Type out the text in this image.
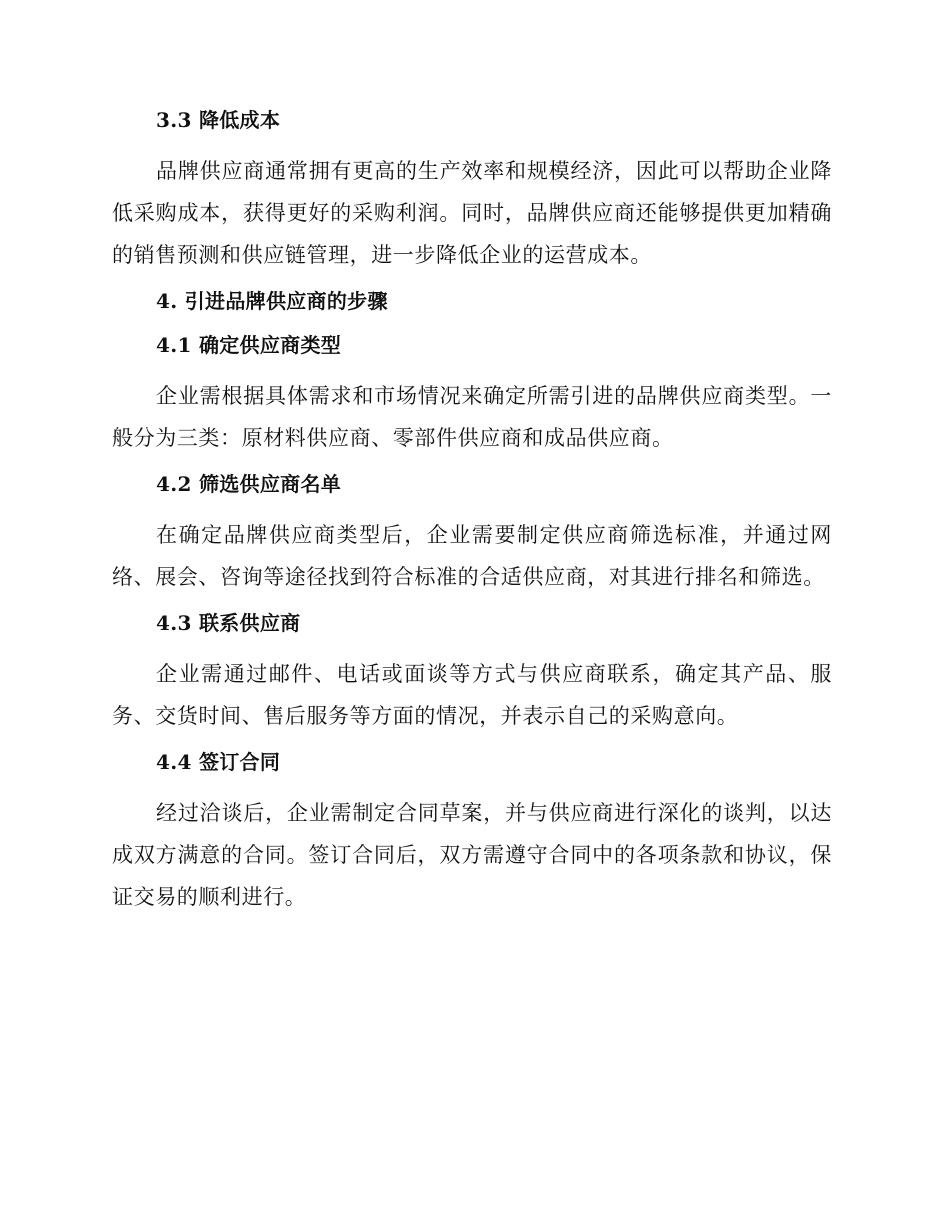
3.3 降低成本

品牌供应商通常拥有更高的生产效率和规模经济，因此可以帮助企业降低采购成本，获得更好的采购利润。同时，品牌供应商还能够提供更加精确的销售预测和供应链管理，进一步降低企业的运营成本。

4. 引进品牌供应商的步骤
4.1 确定供应商类型

企业需根据具体需求和市场情况来确定所需引进的品牌供应商类型。一般分为三类：原材料供应商、零部件供应商和成品供应商。

4.2 筛选供应商名单

在确定品牌供应商类型后，企业需要制定供应商筛选标准，并通过网络、展会、咨询等途径找到符合标准的合适供应商，对其进行排名和筛选。

4.3 联系供应商

企业需通过邮件、电话或面谈等方式与供应商联系，确定其产品、服务、交货时间、售后服务等方面的情况，并表示自己的采购意向。

4.4 签订合同

经过洽谈后，企业需制定合同草案，并与供应商进行深化的谈判，以达成双方满意的合同。签订合同后，双方需遵守合同中的各项条款和协议，保证交易的顺利进行。
